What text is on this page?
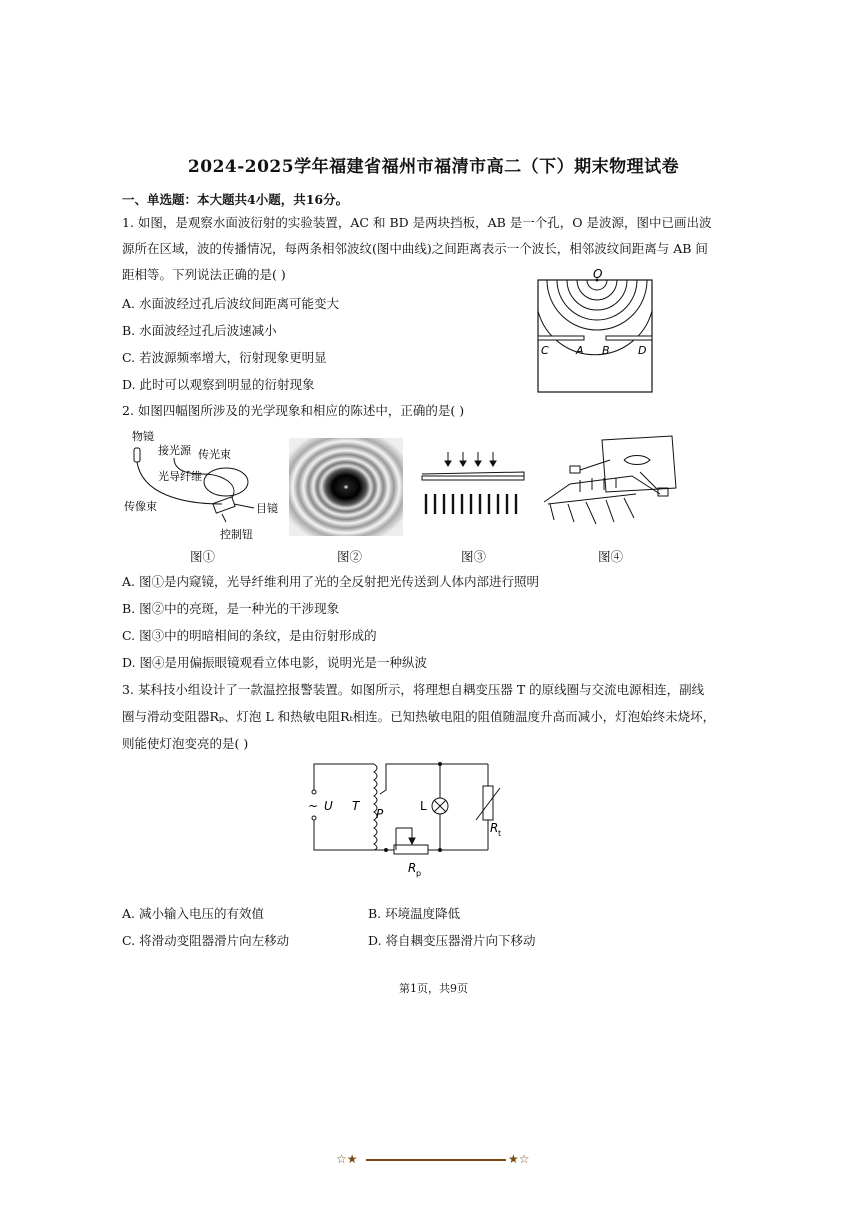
2024-2025学年福建省福州市福清市高二（下）期末物理试卷
一、单选题：本大题共4小题，共16分。
1. 如图，是观察水面波衍射的实验装置，AC 和 BD 是两块挡板，AB 是一个孔，O 是波源，图中已画出波
源所在区域，波的传播情况，每两条相邻波纹(图中曲线)之间距离表示一个波长，相邻波纹间距离与 AB 间
距相等。下列说法正确的是( )
A. 水面波经过孔后波纹间距离可能变大
B. 水面波经过孔后波速减小
C. 若波源频率增大，衍射现象更明显
D. 此时可以观察到明显的衍射现象
O
C A B	D
2. 如图四幅图所涉及的光学现象和相应的陈述中，正确的是( )
物镜
接光源 传光束
光导纤维
传像束	目镜
控制钮
图①	图②	图③	图④
A. 图①是内窥镜，光导纤维利用了光的全反射把光传送到人体内部进行照明
B. 图②中的亮斑，是一种光的干涉现象
C. 图③中的明暗相间的条纹，是由衍射形成的
D. 图④是用偏振眼镜观看立体电影，说明光是一种纵波
3. 某科技小组设计了一款温控报警装置。如图所示，将理想自耦变压器 T 的原线圈与交流电源相连，副线
圈与滑动变阻器Rₚ、灯泡 L 和热敏电阻Rₜ相连。已知热敏电阻的阻值随温度升高而减小，灯泡始终未烧坏，
则能使灯泡变亮的是( )
~ U T
P
L
R t
R p
A. 减小输入电压的有效值	B. 环境温度降低
C. 将滑动变阻器滑片向左移动	D. 将自耦变压器滑片向下移动
第1页，共9页
☆★	★☆
